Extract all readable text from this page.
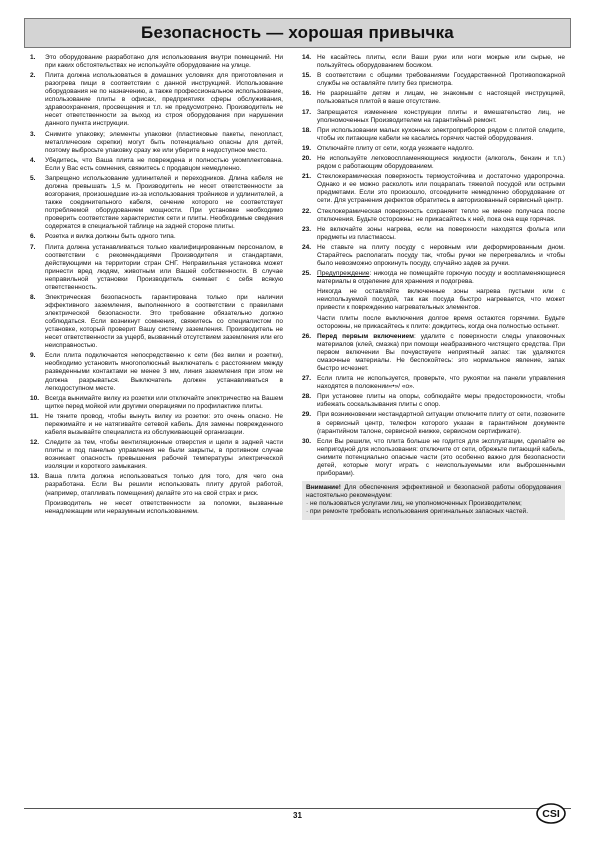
Безопасность — хорошая привычка
1.	Это оборудование разработано для использования внутри помещений. Ни при каких обстоятельствах не используйте оборудование на улице.
2.	Плита должна использоваться в домашних условиях для приготовления и разогрева пищи в соответствии с данной инструкцией. Использование оборудования не по назначению, а также профессиональное использование, использование плиты в офисах, предприятиях сферы обслуживания, здравоохранения, просвещения и т.п. не предусмотрено. Производитель не несет ответственности за выход из строя оборудования при нарушении данного пункта инструкции.
3.	Снимите упаковку; элементы упаковки (пластиковые пакеты, пенопласт, металлические скрепки) могут быть потенциально опасны для детей, поэтому выбросьте упаковку сразу же или уберите в недоступное место.
4.	Убедитесь, что Ваша плита не повреждена и полностью укомплектована. Если у Вас есть сомнения, свяжитесь с продавцом немедленно.
5.	Запрещено использование удлинителей и переходников. Длина кабеля не должна превышать 1,5 м. Производитель не несет ответственности за возгорания, произошедшие из-за использования тройников и удлинителей, а также соединительного кабеля, сечение которого не соответствует потребляемой оборудованием мощности. При установке необходимо проверить соответствие характеристик сети и плиты. Необходимые сведения содержатся в специальной таблице на задней стороне плиты.
6.	Розетка и вилка должны быть одного типа.
7.	Плита должна устанавливаться только квалифицированным персоналом, в соответствии с рекомендациями Производителя и стандартами, действующими на территории стран СНГ. Неправильная установка может принести вред людям, животным или Вашей собственности. В случае неправильной установки Производитель снимает с себя всякую ответственность.
8.	Электрическая безопасность гарантирована только при наличии эффективного заземления, выполненного в соответствии с правилами электрической безопасности. Это требование обязательно должно соблюдаться. Если возникнут сомнения, свяжитесь со специалистом по установке, который проверит Вашу систему заземления. Производитель не несет ответственности за ущерб, вызванный отсутствием заземления или его неисправностью.
9.	Если плита подключается непосредственно к сети (без вилки и розетки), необходимо установить многополюсный выключатель с расстоянием между разведенными контактами не менее 3 мм, линия заземления при этом не должна разрываться. Выключатель должен устанавливаться в легкодоступном месте.
10. Всегда вынимайте вилку из розетки или отключайте электричество на Вашем щитке перед мойкой или другими операциями по профилактике плиты.
11. Не тяните провод, чтобы вынуть вилку из розетки: это очень опасно. Не пережимайте и не натягивайте сетевой кабель. Для замены поврежденного кабеля вызывайте специалиста из обслуживающей организации.
12. Следите за тем, чтобы вентиляционные отверстия и щели в задней части плиты и под панелью управления не были закрыты, в противном случае возникает опасность превышения рабочей температуры электрической изоляции и короткого замыкания.
13. Ваша плита должна использоваться только для того, для чего она разработана. Если Вы решили использовать плиту другой работой, (например, отапливать помещения) делайте это на свой страх и риск.
Производитель не несет ответственности за поломки, вызванные ненадлежащим или неразумным использованием.
14. Не касайтесь плиты, если Ваши руки или ноги мокрые или сырые, не пользуйтесь оборудованием босиком.
15. В соответствии с общими требованиями Государственной Противопожарной службы не оставляйте плиту без присмотра.
16. Не разрешайте детям и лицам, не знакомым с настоящей инструкцией, пользоваться плитой в ваше отсутствие.
17. Запрещается изменение конструкции плиты и вмешательство лиц, не уполномоченных Производителем на гарантийный ремонт.
18. При использовании малых кухонных электроприборов рядом с плитой следите, чтобы их питающие кабели не касались горячих частей оборудования.
19. Отключайте плиту от сети, когда уезжаете надолго.
20. Не используйте легковоспламеняющиеся жидкости (алкоголь, бензин и т.п.) рядом с работающим оборудованием.
21. Стеклокерамическая поверхность термоустойчива и достаточно ударопрочна. Однако и ее можно расколоть или поцарапать тяжелой посудой или острыми предметами. Если это произошло, отсоедините немедленно оборудование от сети. Для устранения дефектов обратитесь в авторизованный сервисный центр.
22. Стеклокерамическая поверхность сохраняет тепло не менее получаса после отключения. Будьте осторожны: не прикасайтесь к ней, пока она еще горячая.
23. Не включайте зоны нагрева, если на поверхности находятся фольга или предметы из пластмассы.
24. Не ставьте на плиту посуду с неровным или деформированным дном. Старайтесь располагать посуду так, чтобы ручки не перегревались и чтобы было невозможно опрокинуть посуду, случайно задев за ручки.
25. Предупреждение: никогда не помещайте горючую посуду и воспламеняющиеся материалы в отделение для хранения и подогрева.
Никогда не оставляйте включенные зоны нагрева пустыми или с неиспользуемой посудой, так как посуда быстро нагревается, что может привести к повреждению нагревательных элементов.
Части плиты после выключения долгое время остаются горячими. Будьте осторожны, не прикасайтесь к плите: дождитесь, когда она полностью остынет.
26. Перед первым включением: удалите с поверхности следы упаковочных материалов (клей, смазка) при помощи неабразивного чистящего средства. При первом включении Вы почувствуете неприятный запах: так удаляются смазочные материалы. Не беспокойтесь: это нормальное явление, запах быстро исчезнет.
27. Если плита не используется, проверьте, что рукоятки на панели управления находятся в положении«•»/ «о».
28. При установке плиты на опоры, соблюдайте меры предосторожности, чтобы избежать соскальзывания плиты с опор.
29. При возникновении нестандартной ситуации отключите плиту от сети, позвоните в сервисный центр, телефон которого указан в гарантийном документе (гарантийном талоне, сервисной книжке, сервисном сертификате).
30. Если Вы решили, что плита больше не годится для эксплуатации, сделайте ее непригодной для использования: отключите от сети, обрежьте питающий кабель, снимите потенциально опасные части (это особенно важно для безопасности детей, которые могут играть с неиспользуемыми или выброшенными приборами).

Внимание! Для обеспечения эффективной и безопасной работы оборудования настоятельно рекомендуем:

· не пользоваться услугами лиц, не уполномоченных Производителем;

· при ремонте требовать использования оригинальных запасных частей.

31	CSI
